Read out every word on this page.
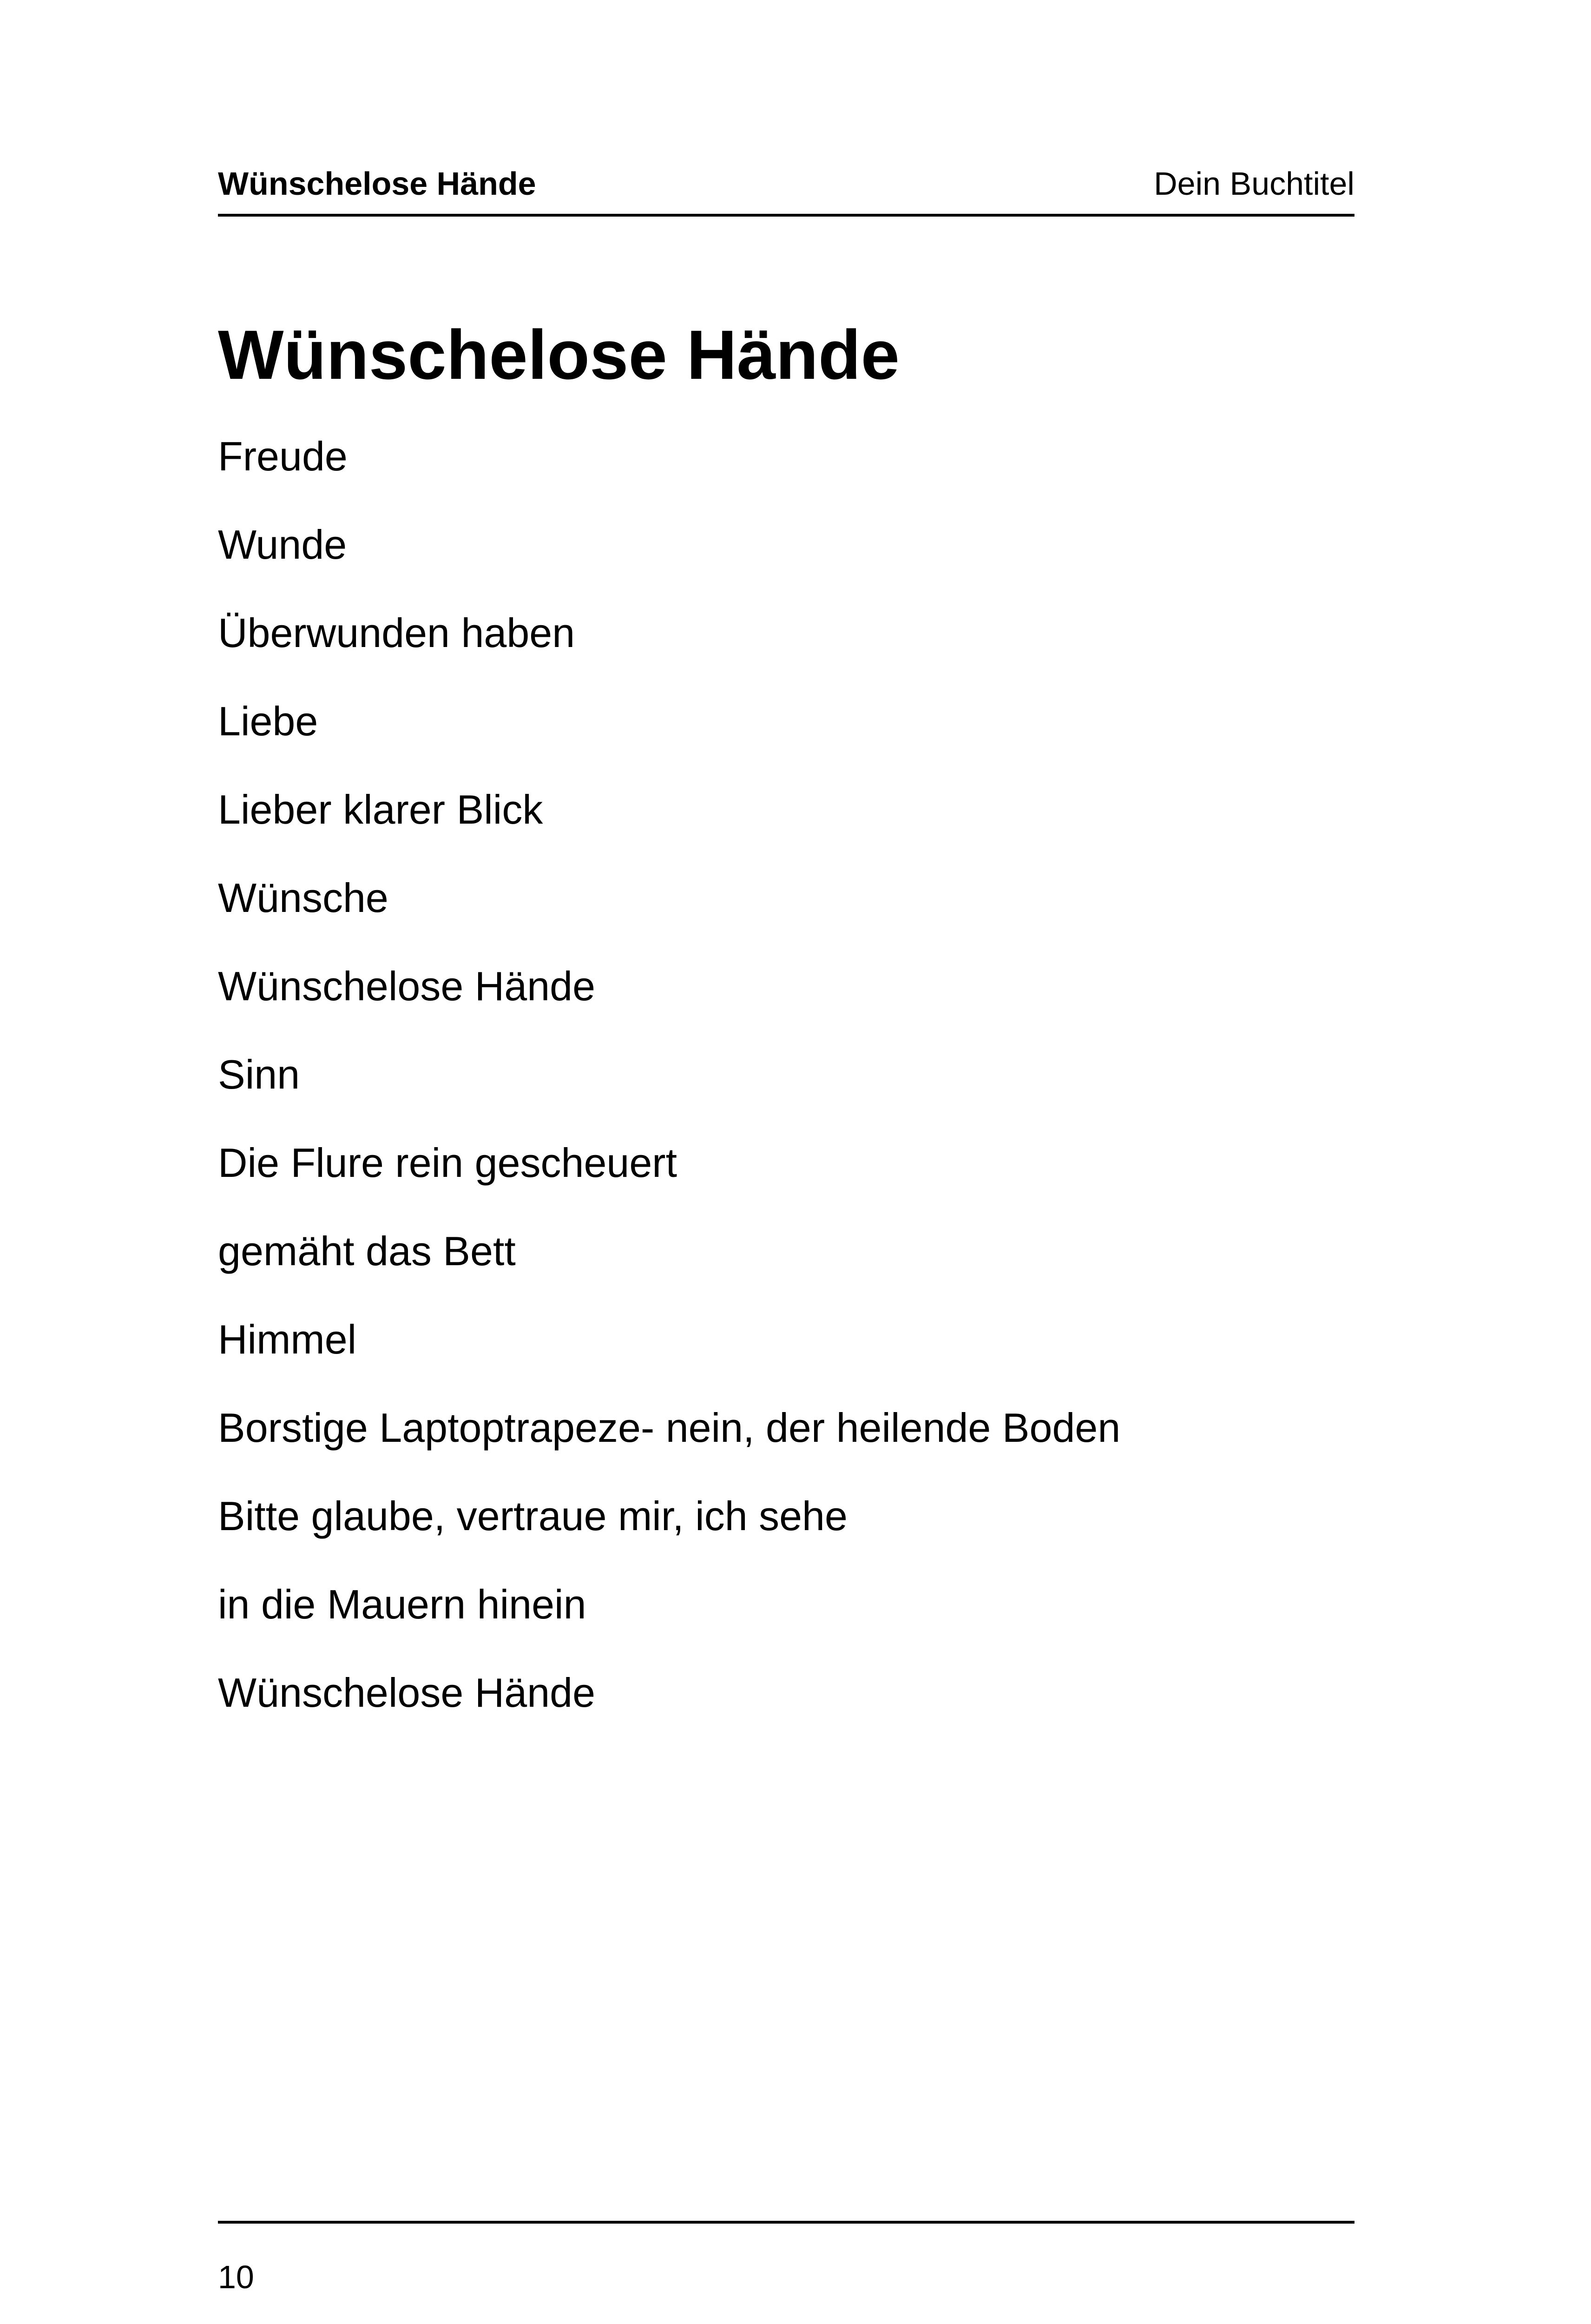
Wünschelose Hände	Dein Buchtitel
Wünschelose Hände
Freude
Wunde
Überwunden haben
Liebe
Lieber klarer Blick
Wünsche
Wünschelose Hände
Sinn
Die Flure rein gescheuert
gemäht das Bett
Himmel
Borstige Laptoptrapeze- nein, der heilende Boden
Bitte glaube, vertraue mir, ich sehe
in die Mauern hinein
Wünschelose Hände
10
